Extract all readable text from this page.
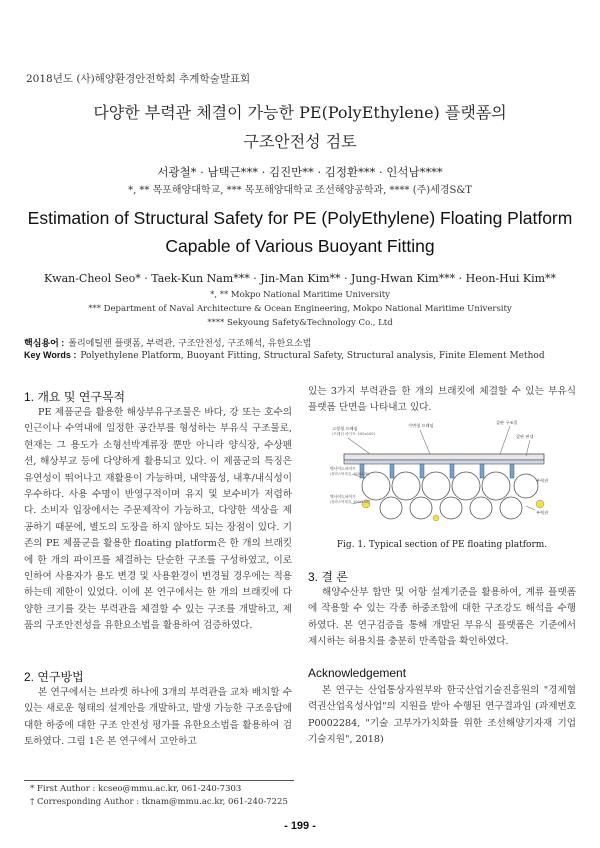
2018년도 (사)해양환경안전학회 추계학술발표회
다양한 부력관 체결이 가능한 PE(PolyEthylene) 플랫폼의
구조안전성 검토
서광철* · 남택근*** · 김진만** · 김정환*** · 인석남****
*, ** 목포해양대학교, *** 목포해양대학교 조선해양공학과, **** (주)세경S&T
Estimation of Structural Safety for PE (PolyEthylene) Floating Platform
Capable of Various Buoyant Fitting
Kwan-Cheol Seo* · Taek-Kun Nam*** · Jin-Man Kim** · Jung-Hwan Kim*** · Heon-Hui Kim**
*, ** Mokpo National Maritime University
*** Department of Naval Architecture & Ocean Engineering, Mokpo National Maritime University
**** Sekyoung Safety&Technology Co., Ltd
핵심용어 : 폴리에틸렌 플랫폼, 부력관, 구조안전성, 구조해석, 유한요소법
Key Words : Polyethylene Platform, Buoyant Fitting, Structural Safety, Structural analysis, Finite Element Method
1. 개요 및 연구목적
PE 제품군을 활용한 해상부유구조물은 바다, 강 또는 호수의 인근이나 수역내에 일정한 공간부를 형성하는 부유식 구조물로, 현재는 그 용도가 소형선박계류장 뿐만 아니라 양식장, 수상펜션, 해상부교 등에 다양하게 활용되고 있다. 이 제품군의 특징은 유연성이 뛰어나고 재활용이 가능하며, 내약품성, 내후/내식성이 우수하다. 사용 수명이 반영구적이며 유지 및 보수비가 저렴하다. 소비자 입장에서는 주문제작이 가능하고, 다양한 색상을 제공하기 때문에, 별도의 도장을 하지 않아도 되는 장점이 있다. 기존의 PE 제품군을 활용한 floating platform은 한 개의 브래킷에 한 개의 파이프를 체결하는 단순한 구조를 구성하였고, 이로 인하여 사용자가 용도 변경 및 사용환경이 변경될 경우에는 적용하는데 제한이 있었다. 이에 본 연구에서는 한 개의 브래킷에 다양한 크기를 갖는 부력관을 체결할 수 있는 구조를 개발하고, 제품의 구조안전성을 유한요소법을 활용하여 검증하였다.
2. 연구방법
본 연구에서는 브라켓 하나에 3개의 부력관을 교차 배치할 수 있는 새로운 형태의 설계안을 개발하고, 발생 가능한 구조응답에 대한 하중에 대한 구조 안전성 평가를 유한요소법을 활용하여 검토하였다. 그림 1은 본 연구에서 고안하고
있는 3가지 부력관을 한 개의 브래킷에 체결할 수 있는 부유식 플랫폼 단면을 나타내고 있다.
고정형 프레임
(프레임 파이프: 100x100)
가변형 프레임
갑판 구조물
갑판 판넬
벽사이드파이프
(플라스틱재질, 100x100)
벽사이드파이프
(플라스틱재질, 100x100)
부력관
부력관
Fig. 1. Typical section of PE floating platform.
3. 결 론
해양수산부 합만 및 어항 설계기준을 활용하여, 계류 플랫폼에 작용할 수 있는 각종 하중조합에 대한 구조강도 해석을 수행하였다. 본 연구검증을 통해 개발된 부유식 플랫폼은 기준에서 제시하는 허용치를 충분히 만족함을 확인하였다.
Acknowledgement
본 연구는 산업통상자원부와 한국산업기술진흥원의 "경제협력권산업육성사업"의 지원을 받아 수행된 연구결과임 (과제번호 P0002284, "기술 고부가가치화를 위한 조선해양기자재 기업 기술지원", 2018)
* First Author : kcseo@mmu.ac.kr, 061-240-7303
† Corresponding Author : tknam@mmu.ac.kr, 061-240-7225
- 199 -
